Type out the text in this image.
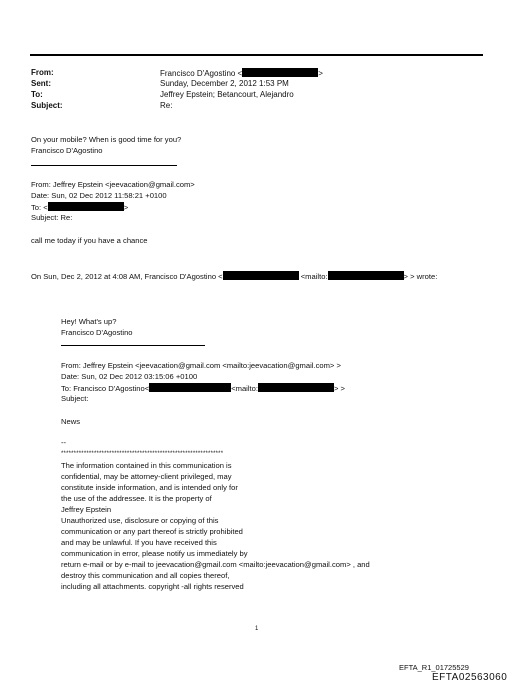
From:	Francisco D'Agostino <	>
Sent:	Sunday, December 2, 2012 1:53 PM
To:	Jeffrey Epstein; Betancourt, Alejandro
Subject:	Re:
On your mobile? When is good time for you?
Francisco D'Agostino
From: Jeffrey Epstein <jeevacation@gmail.com>
Date: Sun, 02 Dec 2012 11:58:21 +0100
To: <	>
Subject: Re:
call me today if you have a chance
On Sun, Dec 2, 2012 at 4:08 AM, Francisco D'Agostino <	<mailto:	> > wrote:
Hey! What's up?
Francisco D'Agostino
From: Jeffrey Epstein <jeevacation@gmail.com <mailto:jeevacation@gmail.com> >
Date: Sun, 02 Dec 2012 03:15:06 +0100
To: Francisco D'Agostino<	<mailto:	> >
Subject:
News
--
****************************************************************
The information contained in this communication is
confidential, may be attorney-client privileged, may
constitute inside information, and is intended only for
the use of the addressee. It is the property of
Jeffrey Epstein
Unauthorized use, disclosure or copying of this
communication or any part thereof is strictly prohibited
and may be unlawful. If you have received this
communication in error, please notify us immediately by
return e-mail or by e-mail to jeevacation@gmail.com <mailto:jeevacation@gmail.com> , and
destroy this communication and all copies thereof,
including all attachments. copyright -all rights reserved
1
EFTA_R1_01725529
EFTA02563060
